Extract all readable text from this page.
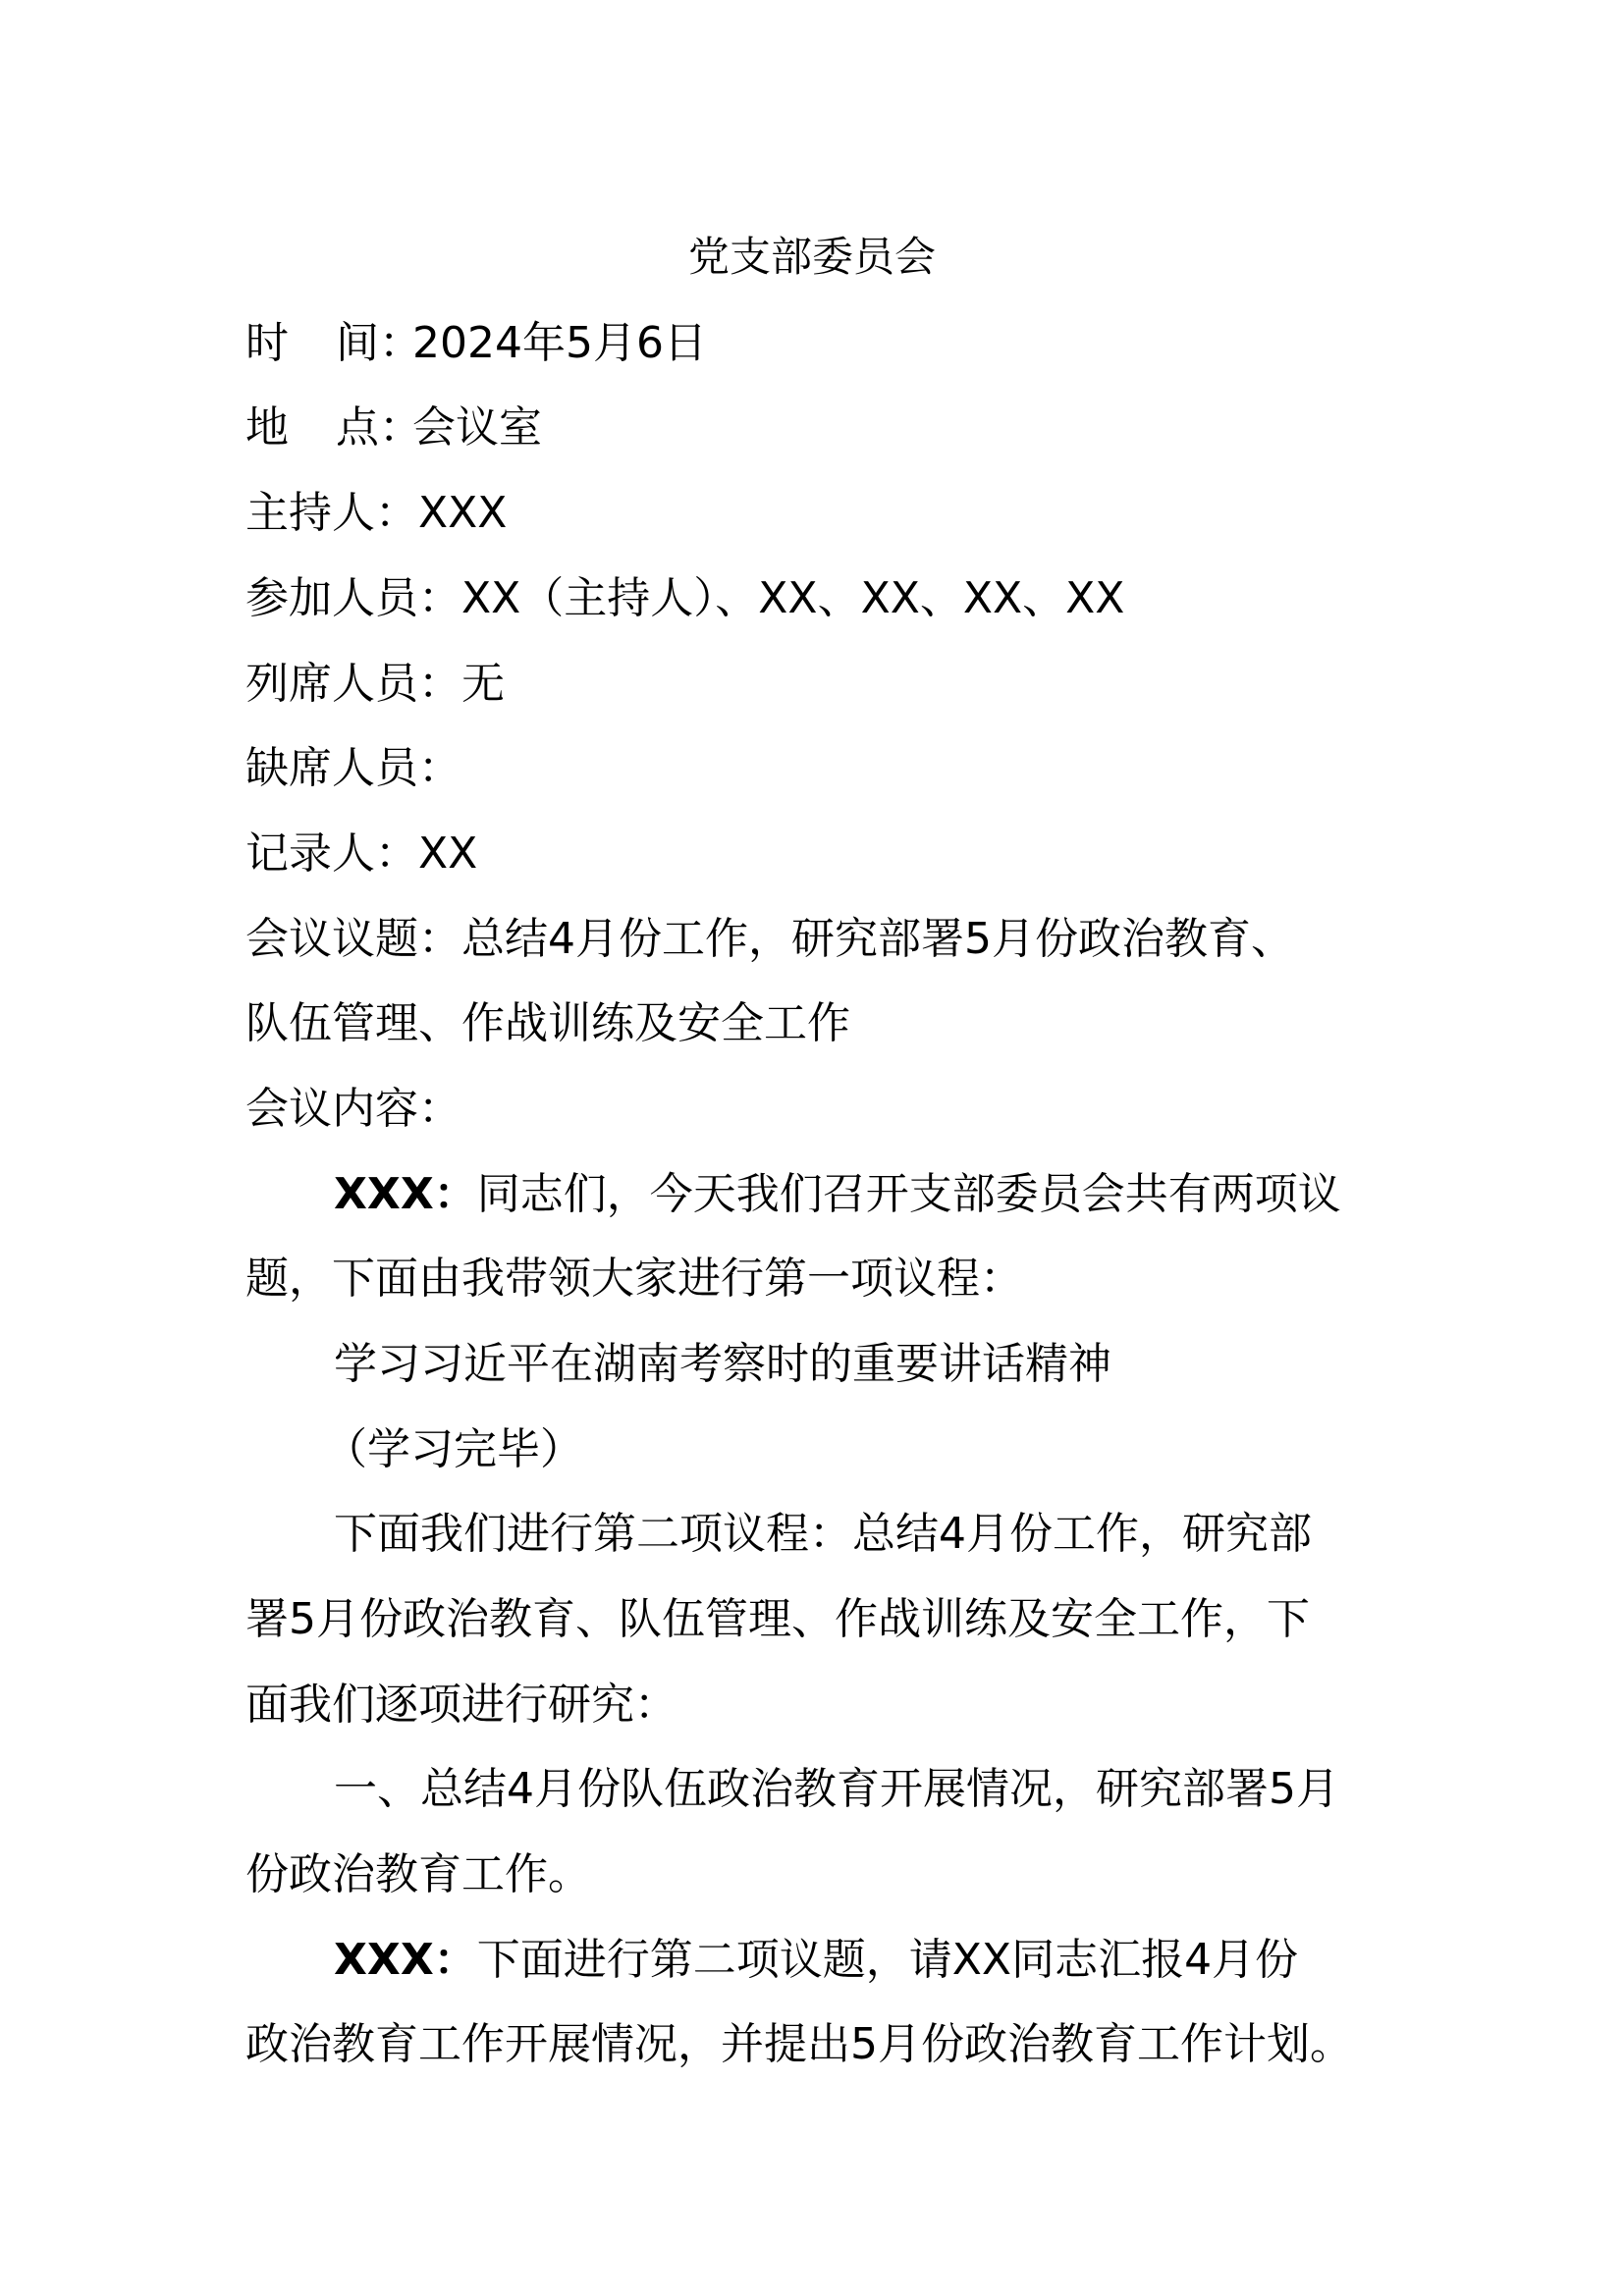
党支部委员会
时 间：2024年5月6日
地 点：会议室
主持人：XXX
参加人员：XX（主持人）、XX、XX、XX、XX
列席人员：无
缺席人员：
记录人：XX
会议议题：总结4月份工作，研究部署5月份政治教育、
队伍管理、作战训练及安全工作
会议内容：
XXX：同志们，今天我们召开支部委员会共有两项议
题，下面由我带领大家进行第一项议程：
学习习近平在湖南考察时的重要讲话精神
（学习完毕）
下面我们进行第二项议程：总结4月份工作，研究部
署5月份政治教育、队伍管理、作战训练及安全工作，下
面我们逐项进行研究：
一、总结4月份队伍政治教育开展情况，研究部署5月
份政治教育工作。
XXX：下面进行第二项议题，请XX同志汇报4月份
政治教育工作开展情况，并提出5月份政治教育工作计划。
